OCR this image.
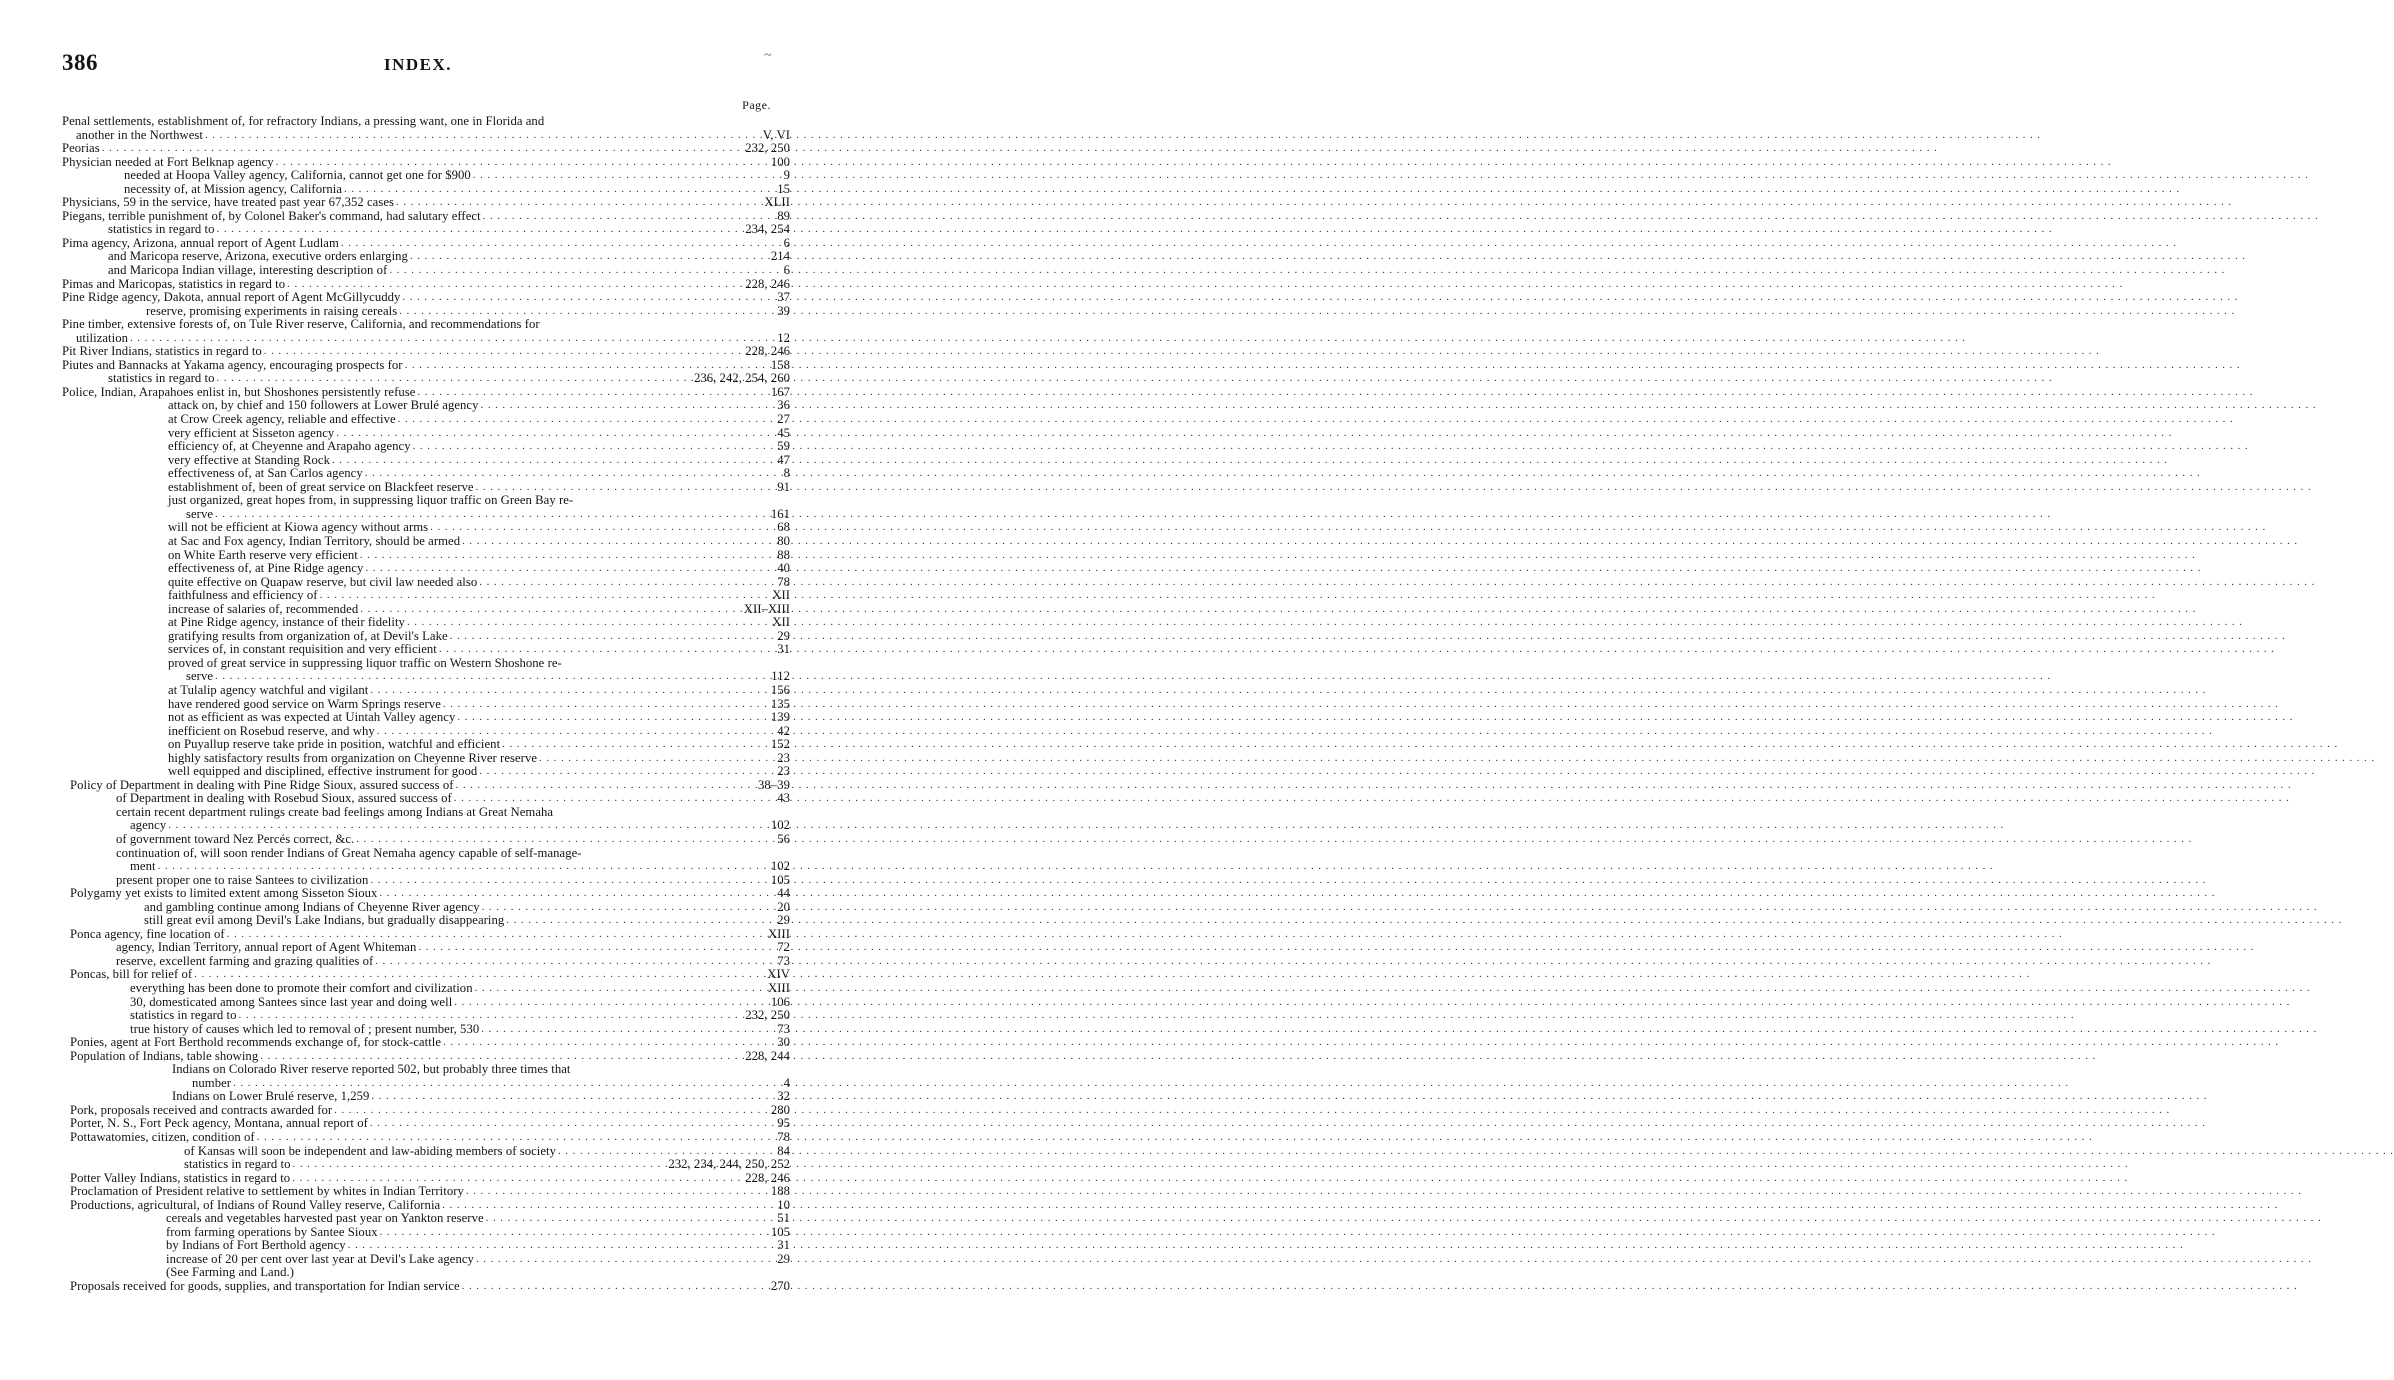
386	INDEX.	~
Page.
Penal settlements, establishment of, for refractory Indians, a pressing want, one in Florida and
another in the Northwest . . .	V, VI
Peorias . . .	232, 250
Physician needed at Fort Belknap agency . . .	100
needed at Hoopa Valley agency, California, cannot get one for $900 . . .	9
necessity of, at Mission agency, California . . .	15
Physicians, 59 in the service, have treated past year 67,352 cases . . .	XLII
Piegans, terrible punishment of, by Colonel Baker's command, had salutary effect . . .	89
statistics in regard to . . .	234, 254
Pima agency, Arizona, annual report of Agent Ludlam . . .	6
and Maricopa reserve, Arizona, executive orders enlarging . . .	214
and Maricopa Indian village, interesting description of . . .	6
Pimas and Maricopas, statistics in regard to . . .	228, 246
Pine Ridge agency, Dakota, annual report of Agent McGillycuddy . . .	37
reserve, promising experiments in raising cereals . . .	39
Pine timber, extensive forests of, on Tule River reserve, California, and recommendations for
utilization . . .	12
Pit River Indians, statistics in regard to . . .	228, 246
Piutes and Bannacks at Yakama agency, encouraging prospects for . . .	158
statistics in regard to . . .	236, 242, 254, 260
Police, Indian, Arapahoes enlist in, but Shoshones persistently refuse . . .	167
attack on, by chief and 150 followers at Lower Brulé agency . . .	36
at Crow Creek agency, reliable and effective . . .	27
very efficient at Sisseton agency . . .	45
efficiency of, at Cheyenne and Arapaho agency . . .	59
very effective at Standing Rock . . .	47
effectiveness of, at San Carlos agency . . .	8
establishment of, been of great service on Blackfeet reserve . . .	91
just organized, great hopes from, in suppressing liquor traffic on Green Bay re-
serve . . .	161
will not be efficient at Kiowa agency without arms . . .	68
at Sac and Fox agency, Indian Territory, should be armed . . .	80
on White Earth reserve very efficient . . .	88
effectiveness of, at Pine Ridge agency . . .	40
quite effective on Quapaw reserve, but civil law needed also . . .	78
faithfulness and efficiency of . . .	XII
increase of salaries of, recommended . . .	XII–XIII
at Pine Ridge agency, instance of their fidelity . . .	XII
gratifying results from organization of, at Devil's Lake . . .	29
services of, in constant requisition and very efficient . . .	31
proved of great service in suppressing liquor traffic on Western Shoshone re-
serve . . .	112
at Tulalip agency watchful and vigilant . . .	156
have rendered good service on Warm Springs reserve . . .	135
not as efficient as was expected at Uintah Valley agency . . .	139
inefficient on Rosebud reserve, and why . . .	42
on Puyallup reserve take pride in position, watchful and efficient . . .	152
highly satisfactory results from organization on Cheyenne River reserve . . .	23
well equipped and disciplined, effective instrument for good . . .	23
Policy of Department in dealing with Pine Ridge Sioux, assured success of . . .	38–39
of Department in dealing with Rosebud Sioux, assured success of . . .	43
certain recent department rulings create bad feelings among Indians at Great Nemaha
agency . . .	102
of government toward Nez Percés correct, &c. . . .	56
continuation of, will soon render Indians of Great Nemaha agency capable of self-manage-
ment . . .	102
present proper one to raise Santees to civilization . . .	105
Polygamy yet exists to limited extent among Sisseton Sioux . . .	44
and gambling continue among Indians of Cheyenne River agency . . .	20
still great evil among Devil's Lake Indians, but gradually disappearing . . .	29
Ponca agency, fine location of . . .	XIII
agency, Indian Territory, annual report of Agent Whiteman . . .	72
reserve, excellent farming and grazing qualities of . . .	73
Poncas, bill for relief of . . .	XIV
everything has been done to promote their comfort and civilization . . .	XIII
30, domesticated among Santees since last year and doing well . . .	106
statistics in regard to . . .	232, 250
true history of causes which led to removal of ; present number, 530 . . .	73
Ponies, agent at Fort Berthold recommends exchange of, for stock-cattle . . .	30
Population of Indians, table showing . . .	228, 244
Indians on Colorado River reserve reported 502, but probably three times that
number . . .	4
Indians on Lower Brulé reserve, 1,259 . . .	32
Pork, proposals received and contracts awarded for . . .	280
Porter, N. S., Fort Peck agency, Montana, annual report of . . .	95
Pottawatomies, citizen, condition of . . .	78
of Kansas will soon be independent and law-abiding members of society . . .	84
statistics in regard to . . .	232, 234, 244, 250, 252
Potter Valley Indians, statistics in regard to . . .	228, 246
Proclamation of President relative to settlement by whites in Indian Territory . . .	188
Productions, agricultural, of Indians of Round Valley reserve, California . . .	10
cereals and vegetables harvested past year on Yankton reserve . . .	51
from farming operations by Santee Sioux . . .	105
by Indians of Fort Berthold agency . . .	31
increase of 20 per cent over last year at Devil's Lake agency . . .	29
(See Farming and Land.)
Proposals received for goods, supplies, and transportation for Indian service . . .	270
